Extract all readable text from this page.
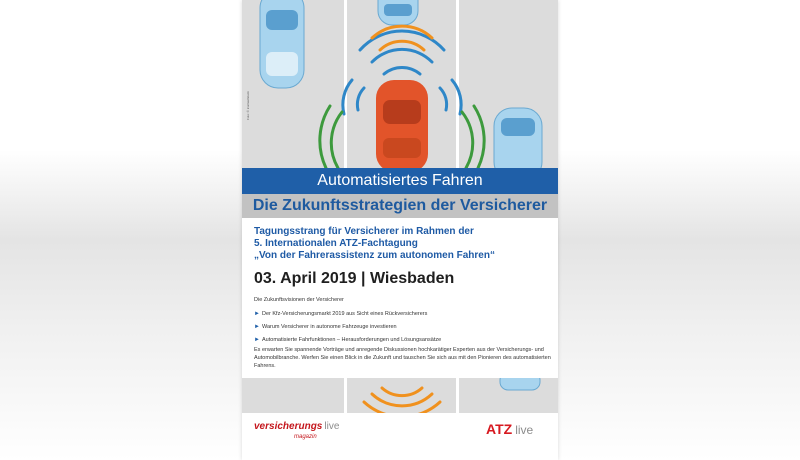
Foto: © iconlast/stock
Automatisiertes Fahren
Die Zukunftsstrategien der Versicherer
Tagungsstrang für Versicherer im Rahmen der
5. Internationalen ATZ-Fachtagung
„Von der Fahrerassistenz zum autonomen Fahren“
03. April 2019 | Wiesbaden
Die Zukunftsvisionen der Versicherer
► Der Kfz-Versicherungsmarkt 2019 aus Sicht eines Rückversicherers
► Warum Versicherer in autonome Fahrzeuge investieren
► Automatisierte Fahrfunktionen – Herausforderungen und Lösungsansätze
Es erwarten Sie spannende Vorträge und anregende Diskussionen hochkarätiger Experten aus der Versicherungs- und Automobilbranche. Werfen Sie einen Blick in die Zukunft und tauschen Sie sich aus mit den Pionieren des automatisierten Fahrens.
versicherungs live
magazin	ATZ live
